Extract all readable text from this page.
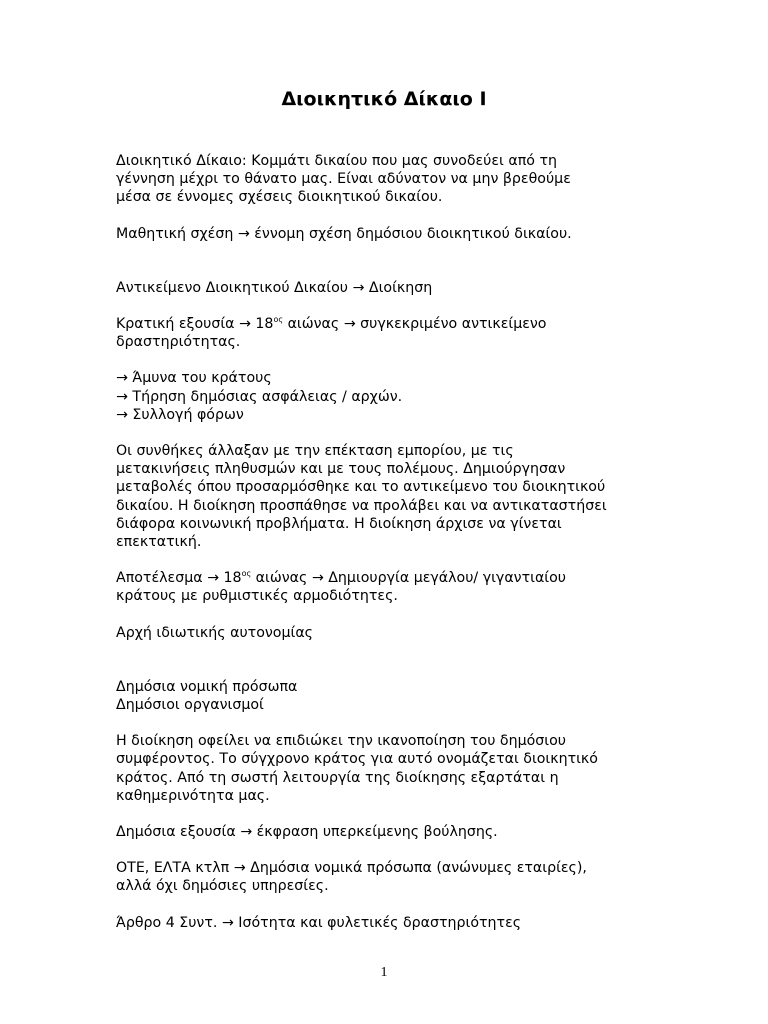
Διοικητικό Δίκαιο Ι

Διοικητικό Δίκαιο: Κομμάτι δικαίου που μας συνοδεύει από τη
γέννηση μέχρι το θάνατο μας. Είναι αδύνατον να μην βρεθούμε
μέσα σε έννομες σχέσεις διοικητικού δικαίου.

Μαθητική σχέση → έννομη σχέση δημόσιου διοικητικού δικαίου.

Αντικείμενο Διοικητικού Δικαίου → Διοίκηση

Κρατική $\varepsilon\xi o\upsilon\sigma ί\alpha \to 18^{o\varsigma}$ αιώνας → συγκεκριμένο αντικείμενο
δραστηριότητας.

→ Άμυνα του κράτους

→ Τήρηση δημόσιας ασφάλειας / αρχών.

→ Συλλογή φόρων

Οι συνθήκες άλλαξαν με την επέκταση εμπορίου, με τις
μετακινήσεις πληθυσμών και με τους πολέμους. Δημιούργησαν
μεταβολές όπου προσαρμόσθηκε και το αντικείμενο του διοικητικού
δικαίου. Η διοίκηση προσπάθησε να προλάβει και να αντικαταστήσει
διάφορα κοινωνική προβλήματα. Η διοίκηση άρχισε να γίνεται
επεκτατική.

$A\pi o\tau έ\lambda\varepsilon\sigma\mu\alpha \to 18^{o\varsigma}$ αιώνας → Δημιουργία μεγάλου/ γιγαντιαίου
κράτους με ρυθμιστικές αρμοδιότητες.

Αρχή ιδιωτικής αυτονομίας

Δημόσια νομική πρόσωπα
Δημόσιοι οργανισμοί

Η διοίκηση οφείλει να επιδιώκει την ικανοποίηση του δημόσιου
συμφέροντος. Το σύγχρονο κράτος για αυτό ονομάζεται διοικητικό
κράτος. Από τη σωστή λειτουργία της διοίκησης εξαρτάται η
καθημερινότητα μας.

Δημόσια εξουσία → έκφραση υπερκείμενης βούλησης.

ΟΤΕ, ΕΛΤΑ κτλπ → Δημόσια νομικά πρόσωπα (ανώνυμες εταιρίες),
αλλά όχι δημόσιες υπηρεσίες.

Άρθρο 4 Συντ. → Ισότητα και φυλετικές δραστηριότητες

1
